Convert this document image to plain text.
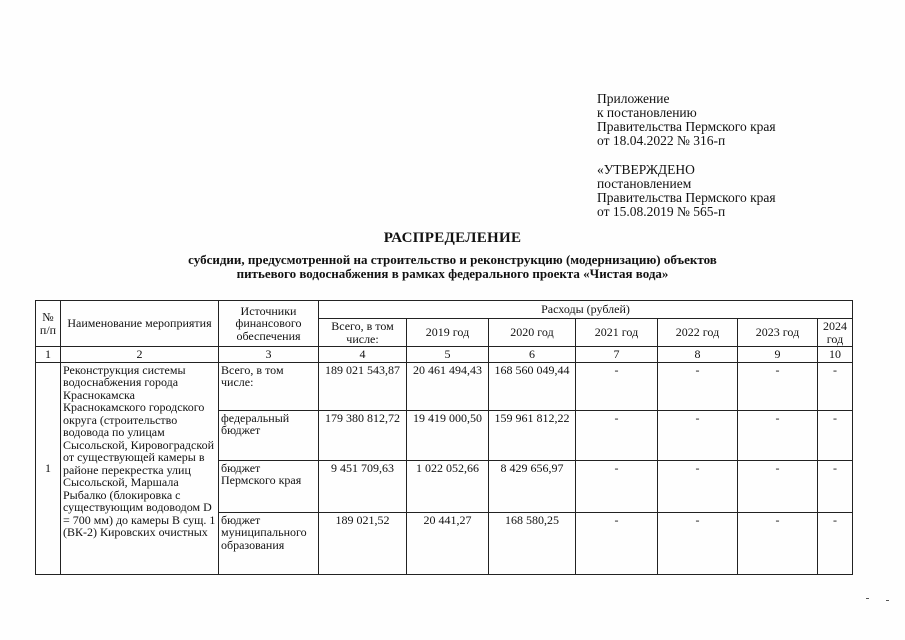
Приложение
к постановлению
Правительства Пермского края
от 18.04.2022 № 316-п
«УТВЕРЖДЕНО
постановлением
Правительства Пермского края
от 15.08.2019 № 565-п
РАСПРЕДЕЛЕНИЕ
субсидии, предусмотренной на строительство и реконструкцию (модернизацию) объектов
питьевого водоснабжения в рамках федерального проекта «Чистая вода»
№ п/п	Наименование мероприятия	Источники финансового обеспечения	Расходы (рублей)						
			Всего, в том числе:	2019 год	2020 год	2021 год	2022 год	2023 год	2024 год
1	2	3	4	5	6	7	8	9	10
1	Реконструкция системы водоснабжения города Краснокамска Краснокамского городского округа (строительство водовода по улицам Сысольской, Кировоградской от существующей камеры в районе перекрестка улиц Сысольской, Маршала Рыбалко (блокировка с существующим водоводом D = 700 мм) до камеры В сущ. 1 (ВК-2) Кировских очистных	Всего, в том числе:	189 021 543,87	20 461 494,43	168 560 049,44	-	-	-	-
		федеральный бюджет	179 380 812,72	19 419 000,50	159 961 812,22	-	-	-	-
		бюджет Пермского края	9 451 709,63	1 022 052,66	8 429 656,97	-	-	-	-
		бюджет муниципального образования	189 021,52	20 441,27	168 580,25	-	-	-	-
